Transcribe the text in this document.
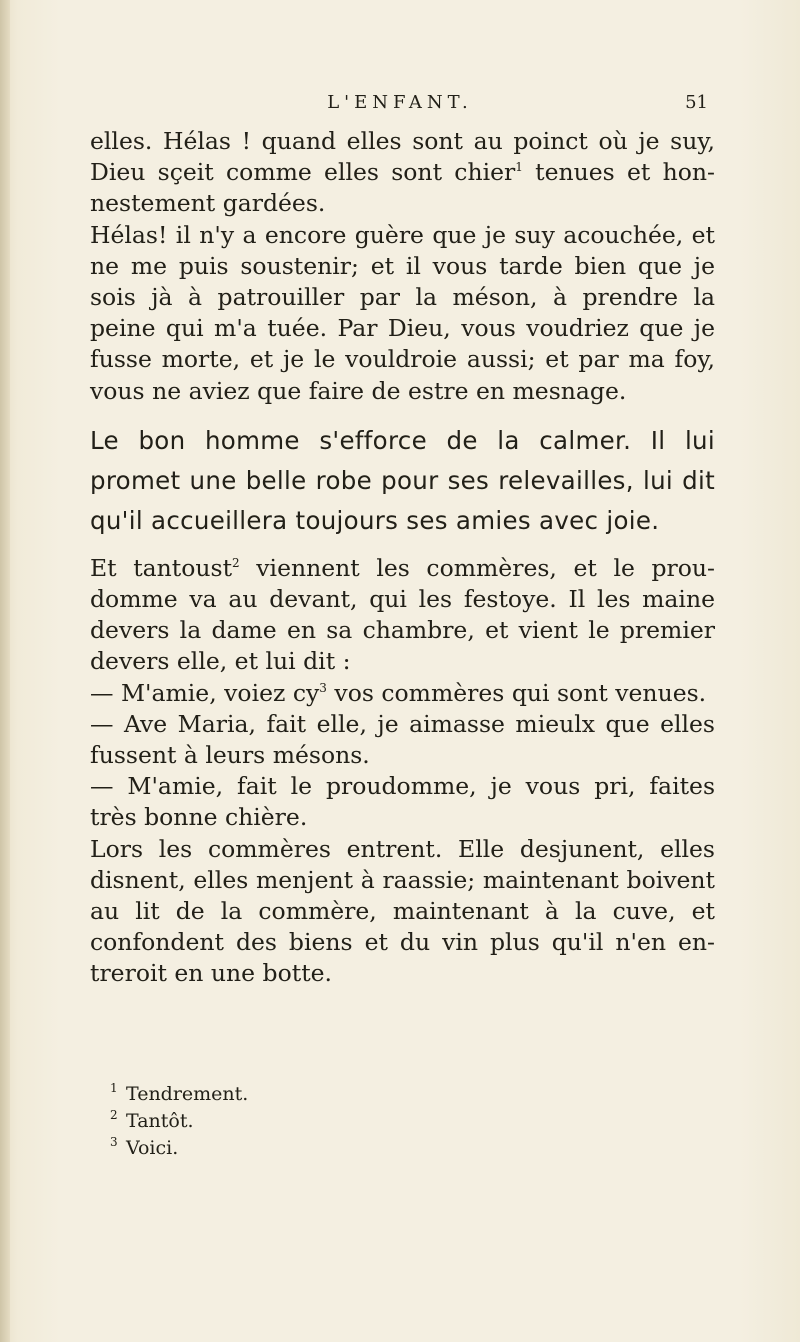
L'ENFANT.	51

elles. Hélas ! quand elles sont au poinct où je suy, Dieu sçeit comme elles sont chier$^1$ tenues et hon-nestement gardées.

Hélas! il n'y a encore guère que je suy acouchée, et ne me puis soustenir; et il vous tarde bien que je sois jà à patrouiller par la méson, à prendre la peine qui m'a tuée. Par Dieu, vous voudriez que je fusse morte, et je le vouldroie aussi; et par ma foy, vous ne aviez que faire de estre en mesnage.

Le bon homme s'efforce de la calmer. Il lui promet une belle robe pour ses relevailles, lui dit qu'il accueillera toujours ses amies avec joie.

Et tantoust$^2$ viennent les commères, et le prou-domme va au devant, qui les festoye. Il les maine devers la dame en sa chambre, et vient le premier devers elle, et lui dit :

— M'amie, voiez $cy^3$ vos commères qui sont venues.

— Ave Maria, fait elle, je aimasse mieulx que elles fussent à leurs mésons.

— M'amie, fait le proudomme, je vous pri, faites très bonne chière.

Lors les commères entrent. Elle desjunent, elles disnent, elles menjent à raassie; maintenant boivent au lit de la commère, maintenant à la cuve, et confondent des biens et du vin plus qu'il n'en en-treroit en une botte.

1 Tendrement.
2 Tantôt.
3 Voici.
